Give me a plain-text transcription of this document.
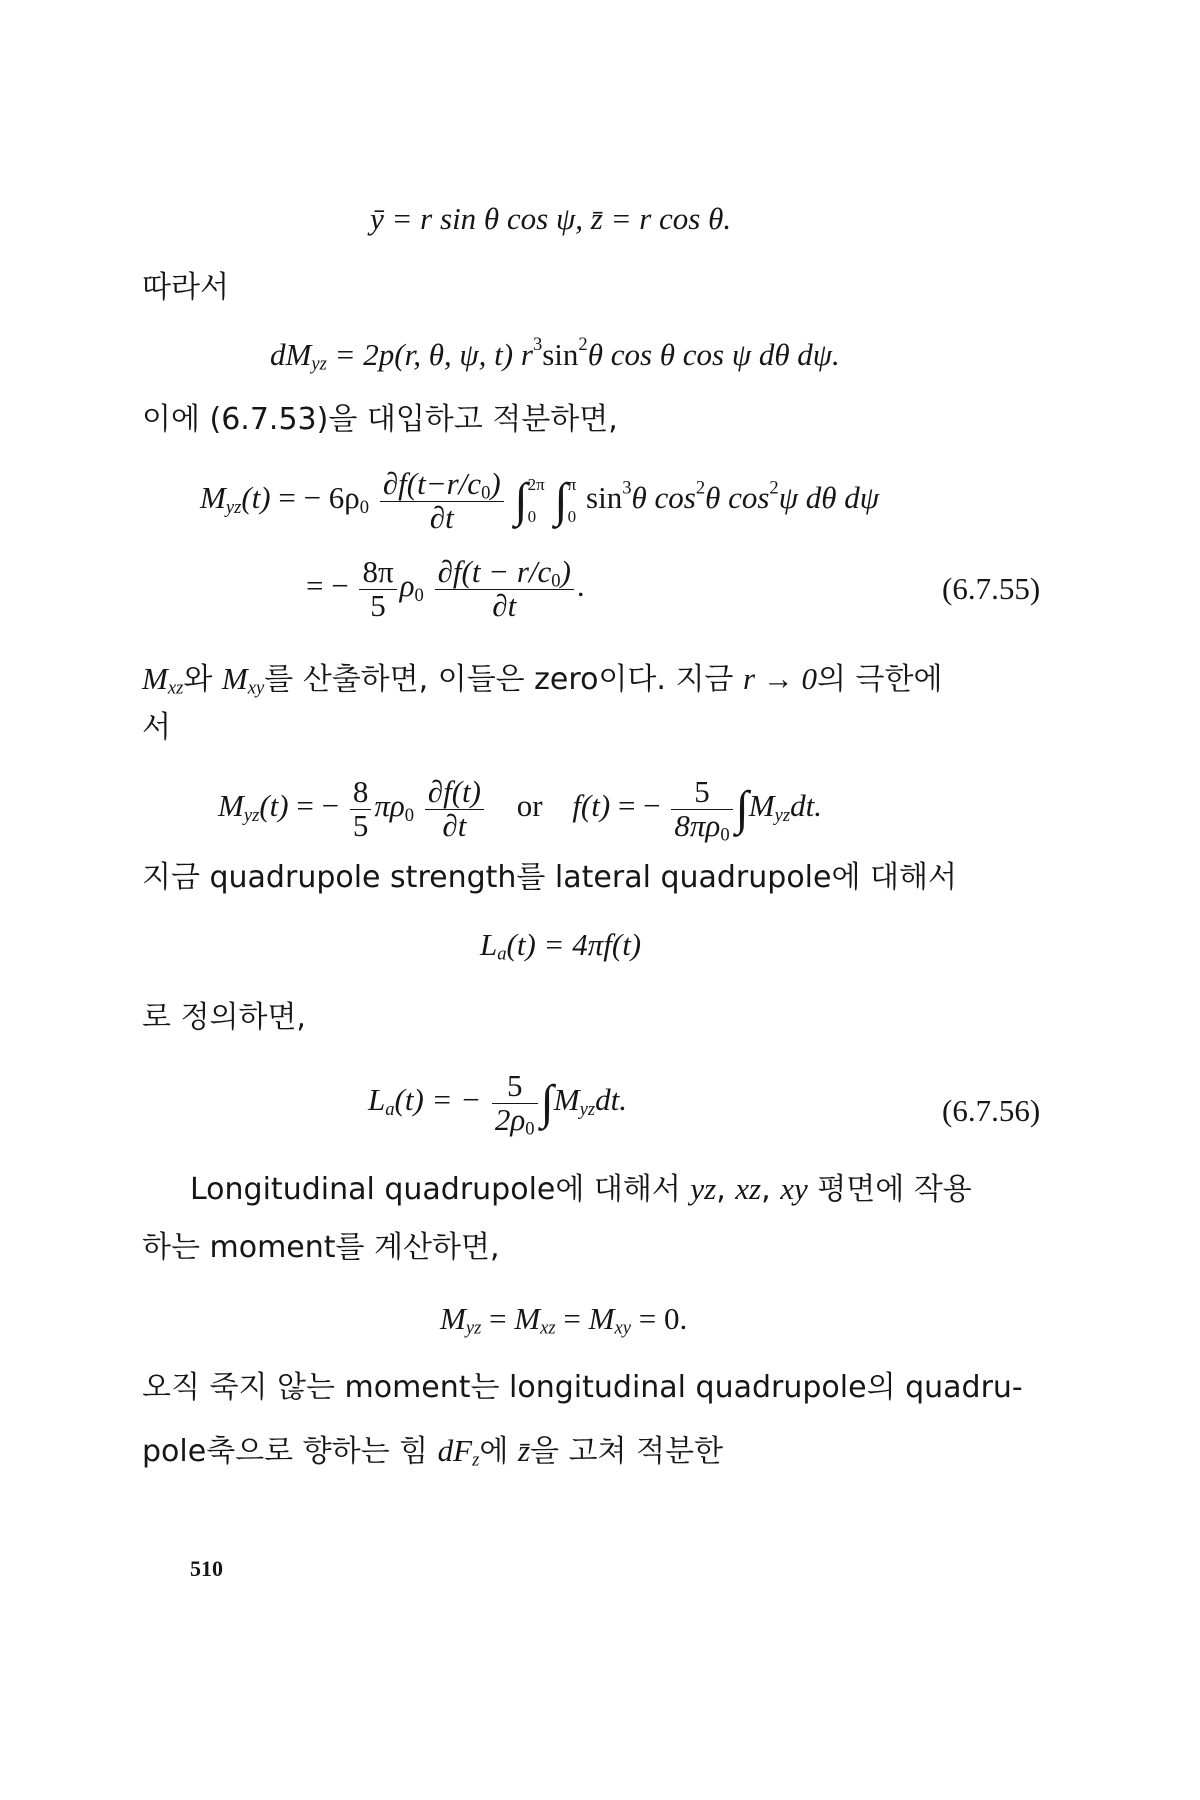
ȳ = r sin θ cos ψ, z̄ = r cos θ.
따라서
$dM_{yz} = 2p(r$, θ, ψ, t) $r^3\sin^2\theta$ cos θ cos ψ dθ dψ.
이에 (6.7.53)을 대입하고 적분하면,
$M_{yz}(t)$ = − $6\rho_0 \frac{\partial f(t-r/c_0)}{\partial t}$ ∫ 2π
0 ∫ π
0
$\sin^3\theta$ $\cos^2\theta$ $\cos^2\psi$ dθ dψ
= − $\frac{8\pi}{5} \rho_0 \frac{\partial f(t - r/c_0)}{\partial t}$ .	(6.7.55)
$M_{xz}$와 $M_{xy}$를 산출하면, 이들은 zero이다. 지금 r → 0의 극한에
서
$M_{yz}(t)$ = − $\frac{8}{5} \pi\rho_0 \frac{\partial f(t)}{\partial t}$ or f(t) = − $\frac{5}{8\pi\rho_0} \int M_{yz}dt$.
지금 quadrupole strength를 lateral quadrupole에 대해서
$L_a(t) = 4\pi f(t)$
로 정의하면,
$L_a(t)$ = − $\frac{5}{2\rho_0} \int M_{yz}dt$.	(6.7.56)
Longitudinal quadrupole에 대해서 yz, xz, xy 평면에 작용
하는 moment를 계산하면,
$M_{yz} = M_{xz} = M_{xy} = 0$.
오직 죽지 않는 moment는 longitudinal quadrupole의 quadru-
pole축으로 향하는 힘 $dF_z$에 z̄을 고쳐 적분한
510
